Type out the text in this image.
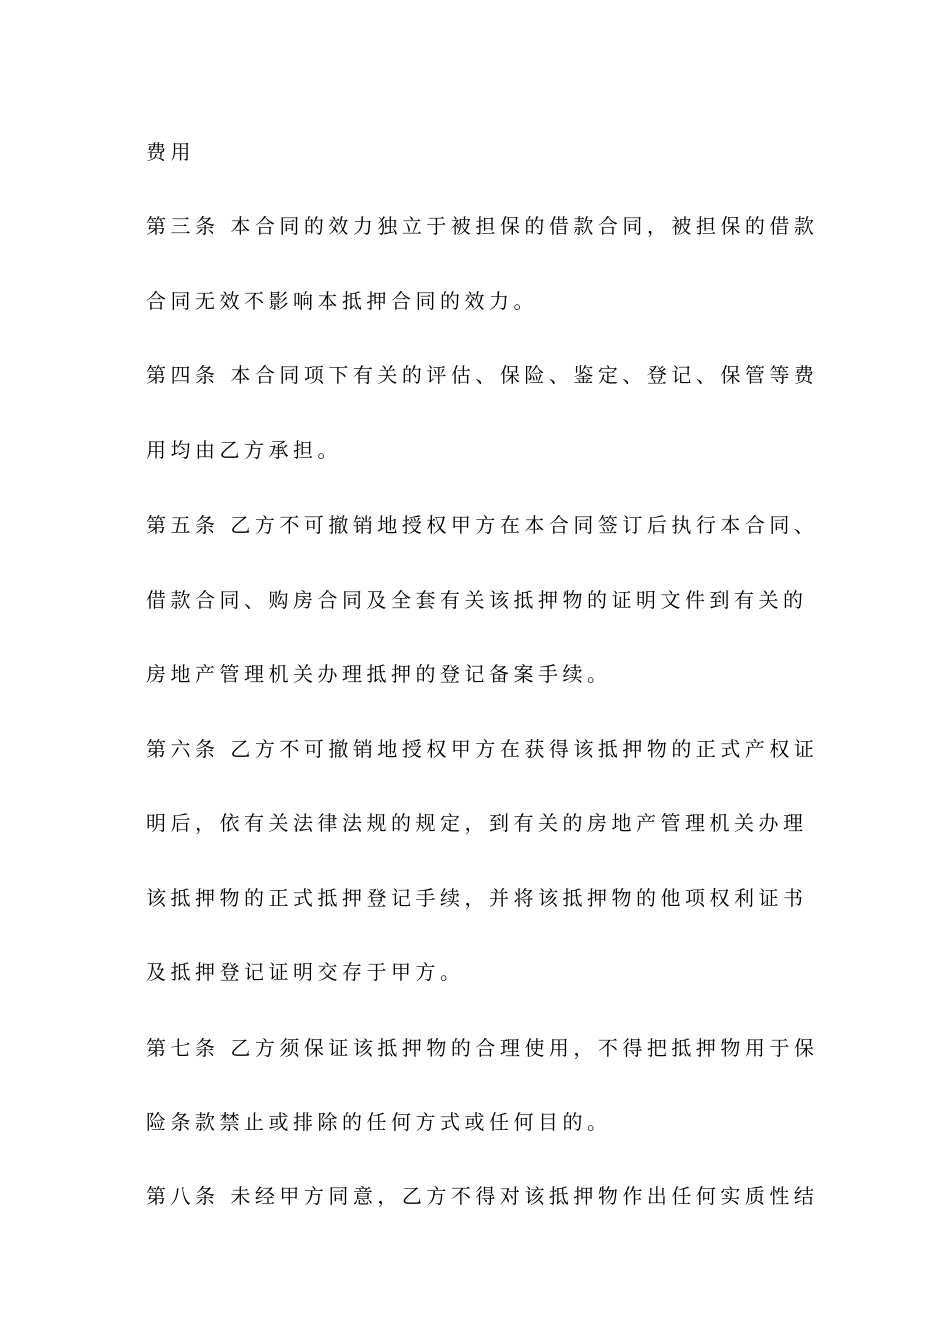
费用

第三条 本合同的效力独立于被担保的借款合同，被担保的借款

合同无效不影响本抵押合同的效力。

第四条 本合同项下有关的评估、保险、鉴定、登记、保管等费

用均由乙方承担。

第五条 乙方不可撤销地授权甲方在本合同签订后执行本合同、

借款合同、购房合同及全套有关该抵押物的证明文件到有关的

房地产管理机关办理抵押的登记备案手续。

第六条 乙方不可撤销地授权甲方在获得该抵押物的正式产权证

明后，依有关法律法规的规定，到有关的房地产管理机关办理

该抵押物的正式抵押登记手续，并将该抵押物的他项权利证书

及抵押登记证明交存于甲方。

第七条 乙方须保证该抵押物的合理使用，不得把抵押物用于保

险条款禁止或排除的任何方式或任何目的。

第八条 未经甲方同意，乙方不得对该抵押物作出任何实质性结
